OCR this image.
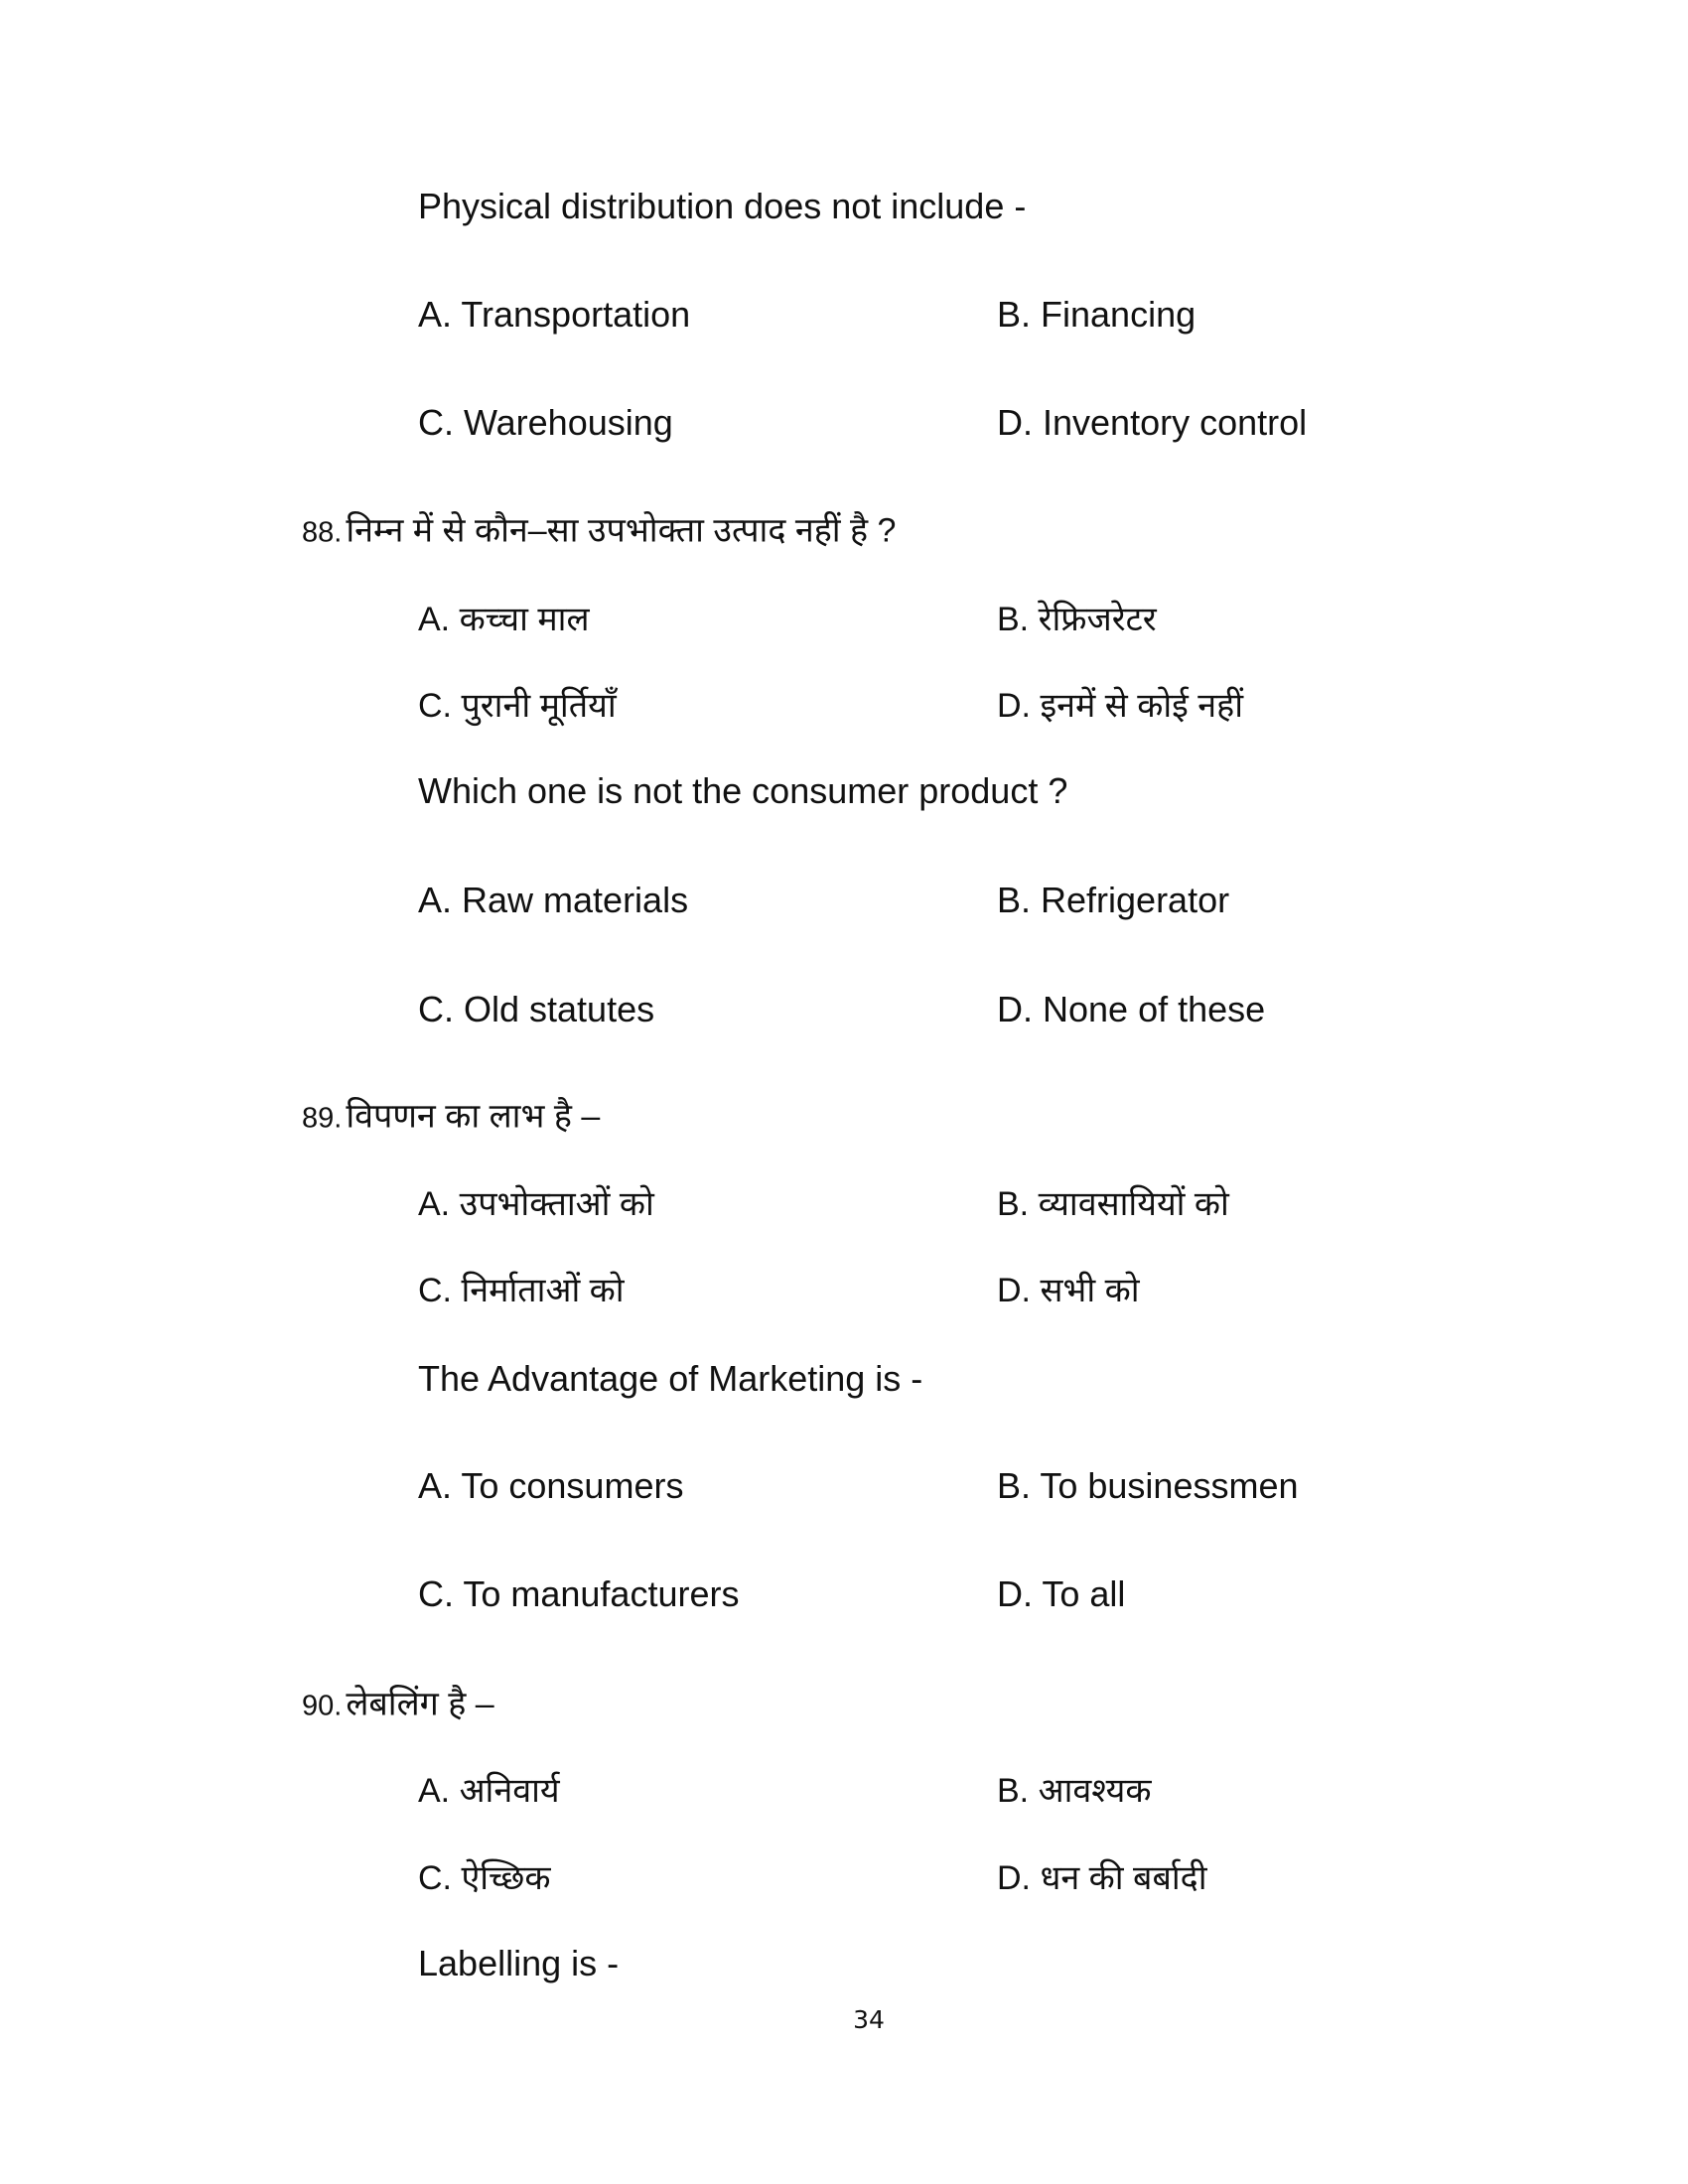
Physical distribution does not include -
A. Transportation	B. Financing
C. Warehousing	D. Inventory control
88. निम्न में से कौन–सा उपभोक्ता उत्पाद नहीं है ?
A. कच्चा माल	B. रेफ्रिजरेटर
C. पुरानी मूर्तियाँ	D. इनमें से कोई नहीं
Which one is not the consumer product ?
A. Raw materials	B. Refrigerator
C. Old statutes	D. None of these
89. विपणन का लाभ है –
A. उपभोक्ताओं को	B. व्यावसायियों को
C. निर्माताओं को	D. सभी को
The Advantage of Marketing is -
A. To consumers	B. To businessmen
C. To manufacturers	D. To all
90. लेबलिंग है –
A. अनिवार्य	B. आवश्यक
C. ऐच्छिक	D. धन की बर्बादी
Labelling is -
34
